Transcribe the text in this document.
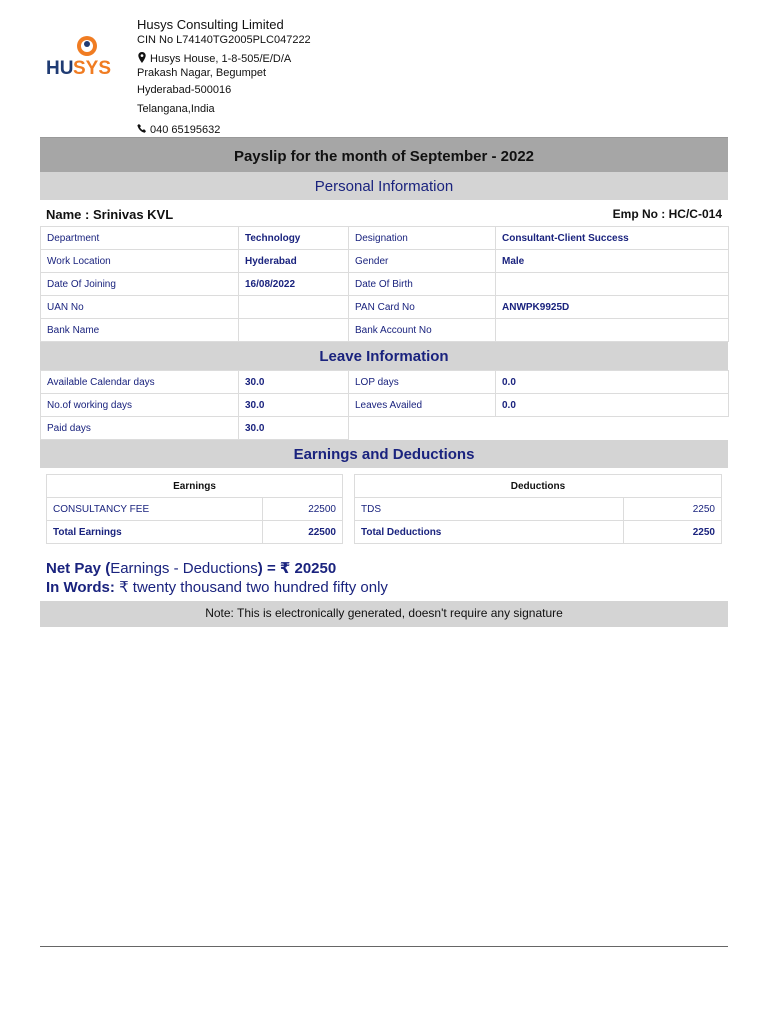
HU SYS
Husys Consulting Limited
CIN No L74140TG2005PLC047222
Husys House, 1-8-505/E/D/A
Prakash Nagar, Begumpet
Hyderabad-500016
Telangana,India
040 65195632
Payslip for the month of September - 2022
Personal Information
Name : Srinivas KVL	Emp No : HC/C-014
Department	Technology	Designation	Consultant-Client Success
Work Location	Hyderabad	Gender	Male
Date Of Joining	16/08/2022	Date Of Birth	
UAN No		PAN Card No	ANWPK9925D
Bank Name		Bank Account No	
Leave Information
Available Calendar days	30.0	LOP days	0.0
No.of working days	30.0	Leaves Availed	0.0
Paid days	30.0		
Earnings and Deductions
Earnings	
CONSULTANCY FEE	22500
Total Earnings	22500
Deductions	
TDS	2250
Total Deductions	2250
Net Pay (Earnings - Deductions) = ₹ 20250
In Words: ₹ twenty thousand two hundred fifty only
Note: This is electronically generated, doesn't require any signature
